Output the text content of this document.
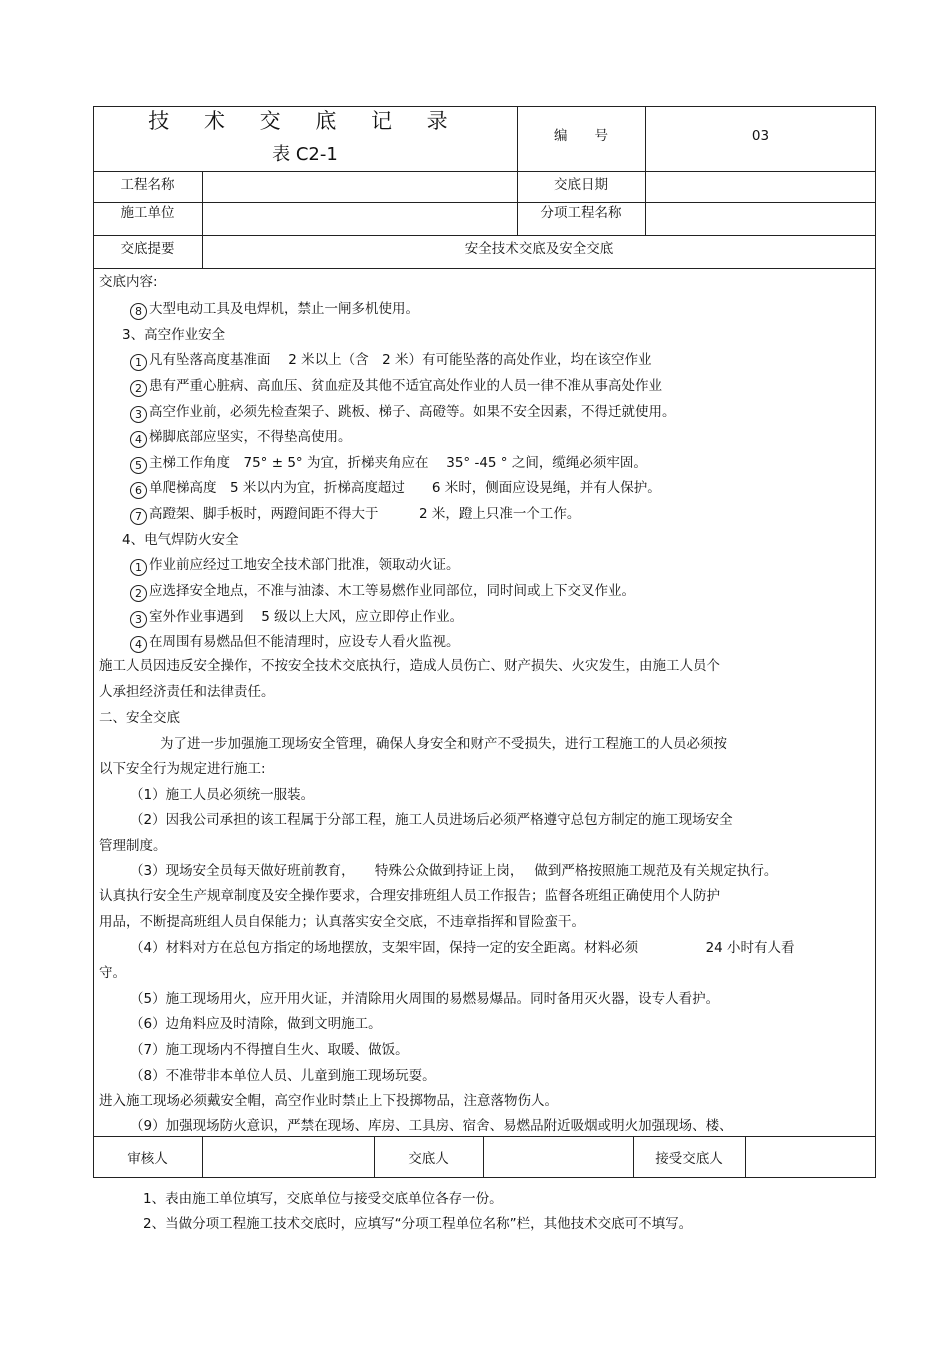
技 术 交 底 记 录
表 C2-1
编　　号	03
工程名称	交底日期
施工单位	分项工程名称
交底提要	安全技术交底及安全交底
交底内容:
8 大型电动工具及电焊机，禁止一闸多机使用。
3、高空作业安全
1 凡有坠落高度基准面　 2 米以上（含　2 米）有可能坠落的高处作业，均在该空作业
2 患有严重心脏病、高血压、贫血症及其他不适宜高处作业的人员一律不准从事高处作业
3 高空作业前，必须先检查架子、跳板、梯子、高磴等。如果不安全因素，不得迁就使用。
4 梯脚底部应坚实，不得垫高使用。
5 主梯工作角度　75° ± 5° 为宜，折梯夹角应在　 35° -45 ° 之间，缆绳必须牢固。
6 单爬梯高度　5 米以内为宜，折梯高度超过　　6 米时，侧面应设晃绳，并有人保护。
7 高蹬架、脚手板时，两蹬间距不得大于　　　2 米，蹬上只准一个工作。
4、电气焊防火安全
1 作业前应经过工地安全技术部门批准，领取动火证。
2 应选择安全地点，不准与油漆、木工等易燃作业同部位，同时间或上下交叉作业。
3 室外作业事遇到　 5 级以上大风，应立即停止作业。
4 在周围有易燃品但不能清理时，应设专人看火监视。
施工人员因违反安全操作，不按安全技术交底执行，造成人员伤亡、财产损失、火灾发生，由施工人员个
人承担经济责任和法律责任。
二、安全交底
为了进一步加强施工现场安全管理，确保人身安全和财产不受损失，进行工程施工的人员必须按
以下安全行为规定进行施工:
（1）施工人员必须统一服装。
（2）因我公司承担的该工程属于分部工程，施工人员进场后必须严格遵守总包方制定的施工现场安全
管理制度。
（3）现场安全员每天做好班前教育，　　特殊公众做到持证上岗，　 做到严格按照施工规范及有关规定执行。
认真执行安全生产规章制度及安全操作要求，合理安排班组人员工作报告；监督各班组正确使用个人防护
用品，不断提高班组人员自保能力；认真落实安全交底，不违章指挥和冒险蛮干。
（4）材料对方在总包方指定的场地摆放，支架牢固，保持一定的安全距离。材料必须　　　　　24 小时有人看
守。
（5）施工现场用火，应开用火证，并清除用火周围的易燃易爆品。同时备用灭火器，设专人看护。
（6）边角料应及时清除，做到文明施工。
（7）施工现场内不得擅自生火、取暖、做饭。
（8）不准带非本单位人员、儿童到施工现场玩耍。
进入施工现场必须戴安全帽，高空作业时禁止上下投掷物品，注意落物伤人。
（9）加强现场防火意识，严禁在现场、库房、工具房、宿舍、易燃品附近吸烟或明火加强现场、楼、
审核人	交底人	接受交底人
1、表由施工单位填写，交底单位与接受交底单位各存一份。
2、当做分项工程施工技术交底时，应填写“分项工程单位名称”栏，其他技术交底可不填写。
